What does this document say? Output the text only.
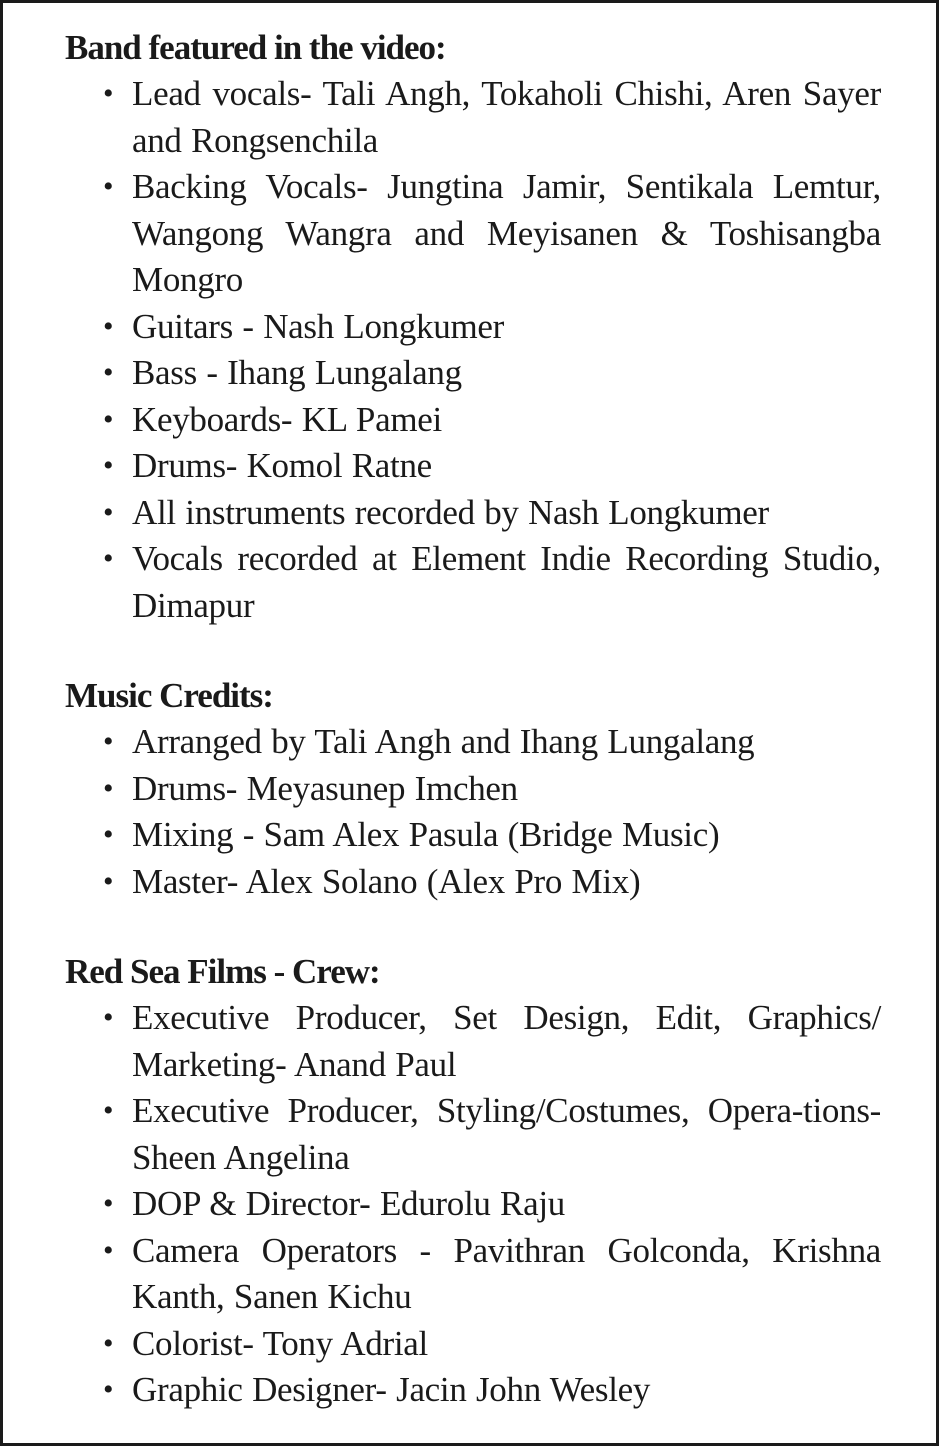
Band featured in the video:
• Lead vocals- Tali Angh, Tokaholi Chishi, Aren Sayer and Rongsenchila
• Backing Vocals- Jungtina Jamir, Sentikala Lemtur, Wangong Wangra and Meyisanen & Toshisangba Mongro
• Guitars - Nash Longkumer
• Bass - Ihang Lungalang
• Keyboards- KL Pamei
• Drums- Komol Ratne
• All instruments recorded by Nash Longkumer
• Vocals recorded at Element Indie Recording Studio, Dimapur
Music Credits:
• Arranged by Tali Angh and Ihang Lungalang
• Drums- Meyasunep Imchen
• Mixing - Sam Alex Pasula (Bridge Music)
• Master- Alex Solano (Alex Pro Mix)
Red Sea Films - Crew:
• Executive Producer, Set Design, Edit, Graphics/ Marketing- Anand Paul
• Executive Producer, Styling/Costumes, Opera-tions- Sheen Angelina
• DOP & Director- Edurolu Raju
• Camera Operators - Pavithran Golconda, Krishna Kanth, Sanen Kichu
• Colorist- Tony Adrial
• Graphic Designer- Jacin John Wesley
